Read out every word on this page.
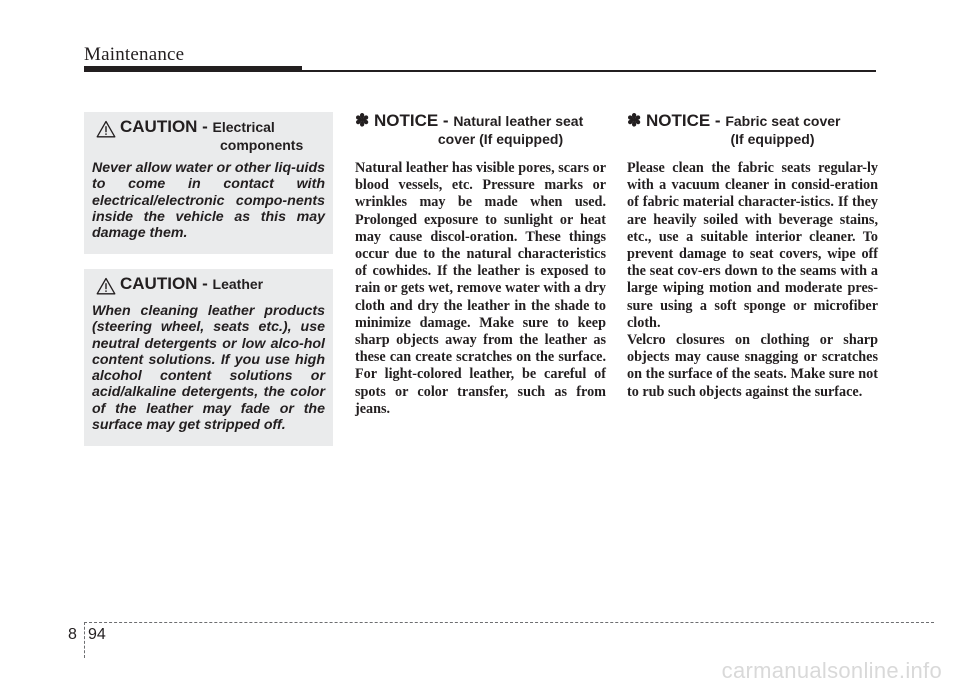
Maintenance
CAUTION - Electrical
components
Never allow water or other liq-uids to come in contact with electrical/electronic compo-nents inside the vehicle as this may damage them.
CAUTION - Leather
When cleaning leather products (steering wheel, seats etc.), use neutral detergents or low alco-hol content solutions. If you use high alcohol content solutions or acid/alkaline detergents, the color of the leather may fade or the surface may get stripped off.
✽ NOTICE - Natural leather seat
cover (If equipped)

Natural leather has visible pores, scars or blood vessels, etc. Pressure marks or wrinkles may be made when used. Prolonged exposure to sunlight or heat may cause discol-oration. These things occur due to the natural characteristics of cowhides. If the leather is exposed to rain or gets wet, remove water with a dry cloth and dry the leather in the shade to minimize damage. Make sure to keep sharp objects away from the leather as these can create scratches on the surface. For light-colored leather, be careful of spots or color transfer, such as from jeans.

✽ NOTICE - Fabric seat cover
(If equipped)

Please clean the fabric seats regular-ly with a vacuum cleaner in consid-eration of fabric material character-istics. If they are heavily soiled with beverage stains, etc., use a suitable interior cleaner. To prevent damage to seat covers, wipe off the seat cov-ers down to the seams with a large wiping motion and moderate pres-sure using a soft sponge or microfiber cloth.

Velcro closures on clothing or sharp objects may cause snagging or scratches on the surface of the seats. Make sure not to rub such objects against the surface.

8 94
carmanualsonline.info
